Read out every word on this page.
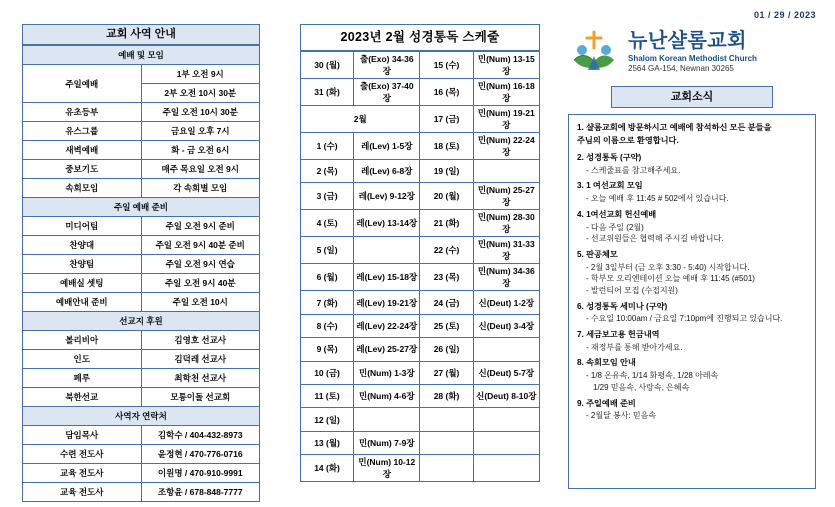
교회 사역 안내
예배 및 모임	
주일예배	1부 오전 9시
	2부 오전 10시 30분
유초등부	주일 오전 10시 30분
유스그룹	금요일 오후 7시
새벽예배	화 - 금 오전 6시
중보기도	매주 목요일 오전 9시
속회모임	각 속회별 모임
주일 예배 준비	
미디어팀	주일 오전 9시 준비
찬양대	주일 오전 9시 40분 준비
찬양팀	주일 오전 9시 연습
예배실 셋팅	주일 오전 9시 40분
예배안내 준비	주일 오전 10시
선교지 후원	
볼리비아	김영호 선교사
인도	김덕레 선교사
페루	최학천 선교사
북한선교	모통이돌 선교회
사역자 연락처	
담임목사	김학수 / 404-432-8973
수련 전도사	윤정현 / 470-776-0716
교육 전도사	이원명 / 470-910-9991
교육 전도사	조항윤 / 678-848-7777
2023년 2월 성경통독 스케줄
30 (월)	출(Exo) 34-36장	15 (수)	민(Num) 13-15장
31 (화)	출(Exo) 37-40장	16 (목)	민(Num) 16-18장
2월		17 (금)	민(Num) 19-21장
1 (수)	레(Lev) 1-5장	18 (토)	민(Num) 22-24장
2 (목)	레(Lev) 6-8장	19 (일)	
3 (금)	레(Lev) 9-12장	20 (월)	민(Num) 25-27장
4 (토)	레(Lev) 13-14장	21 (화)	민(Num) 28-30장
5 (일)		22 (수)	민(Num) 31-33장
6 (월)	레(Lev) 15-18장	23 (목)	민(Num) 34-36장
7 (화)	레(Lev) 19-21장	24 (금)	신(Deut) 1-2장
8 (수)	레(Lev) 22-24장	25 (토)	신(Deut) 3-4장
9 (목)	레(Lev) 25-27장	26 (일)	
10 (금)	민(Num) 1-3장	27 (월)	신(Deut) 5-7장
11 (토)	민(Num) 4-6장	28 (화)	신(Deut) 8-10장
12 (일)			
13 (월)	민(Num) 7-9장		
14 (화)	민(Num) 10-12장		
01 / 29 / 2023
뉴난샬롬교회
Shalom Korean Methodist Church
2564 GA-154, Newnan 30265
교회소식
1. 샬롬교회에 방문하시고 예배에 참석하신 모든 분들을
주님의 이름으로 환영합니다.
2. 성경통독 (구약)
- 스케줄표를 참고해주세요.
3. 1 여선교회 모임
- 오늘 예배 후 11:45 # 502에서 있습니다.
4. 1여선교회 헌신예배
- 다음 주일 (2월)
- 선교위원들은 협력해 주시길 바랍니다.
5. 판공체모
- 2월 3일부터 (금 오후 3:30 - 5:40) 시작합니다.
- 학부모 오리엔테이션 오늘 예배 후 11:45 (#501)
- 발런티어 모집 (수접지원)
6. 성경통독 세미나 (구약)
- 수요일 10:00am / 금요일 7:10pm에 진행되고 있습니다.
7. 세금보고용 헌금내역
- 재정부를 통해 받아가세요.
8. 속회모임 안내
- 1/8 온유속, 1/14 화평속, 1/28 아레속
1/29 믿음속, 사랑속, 은혜속
9. 주일예배 준비
- 2월달 봉사: 믿음속
